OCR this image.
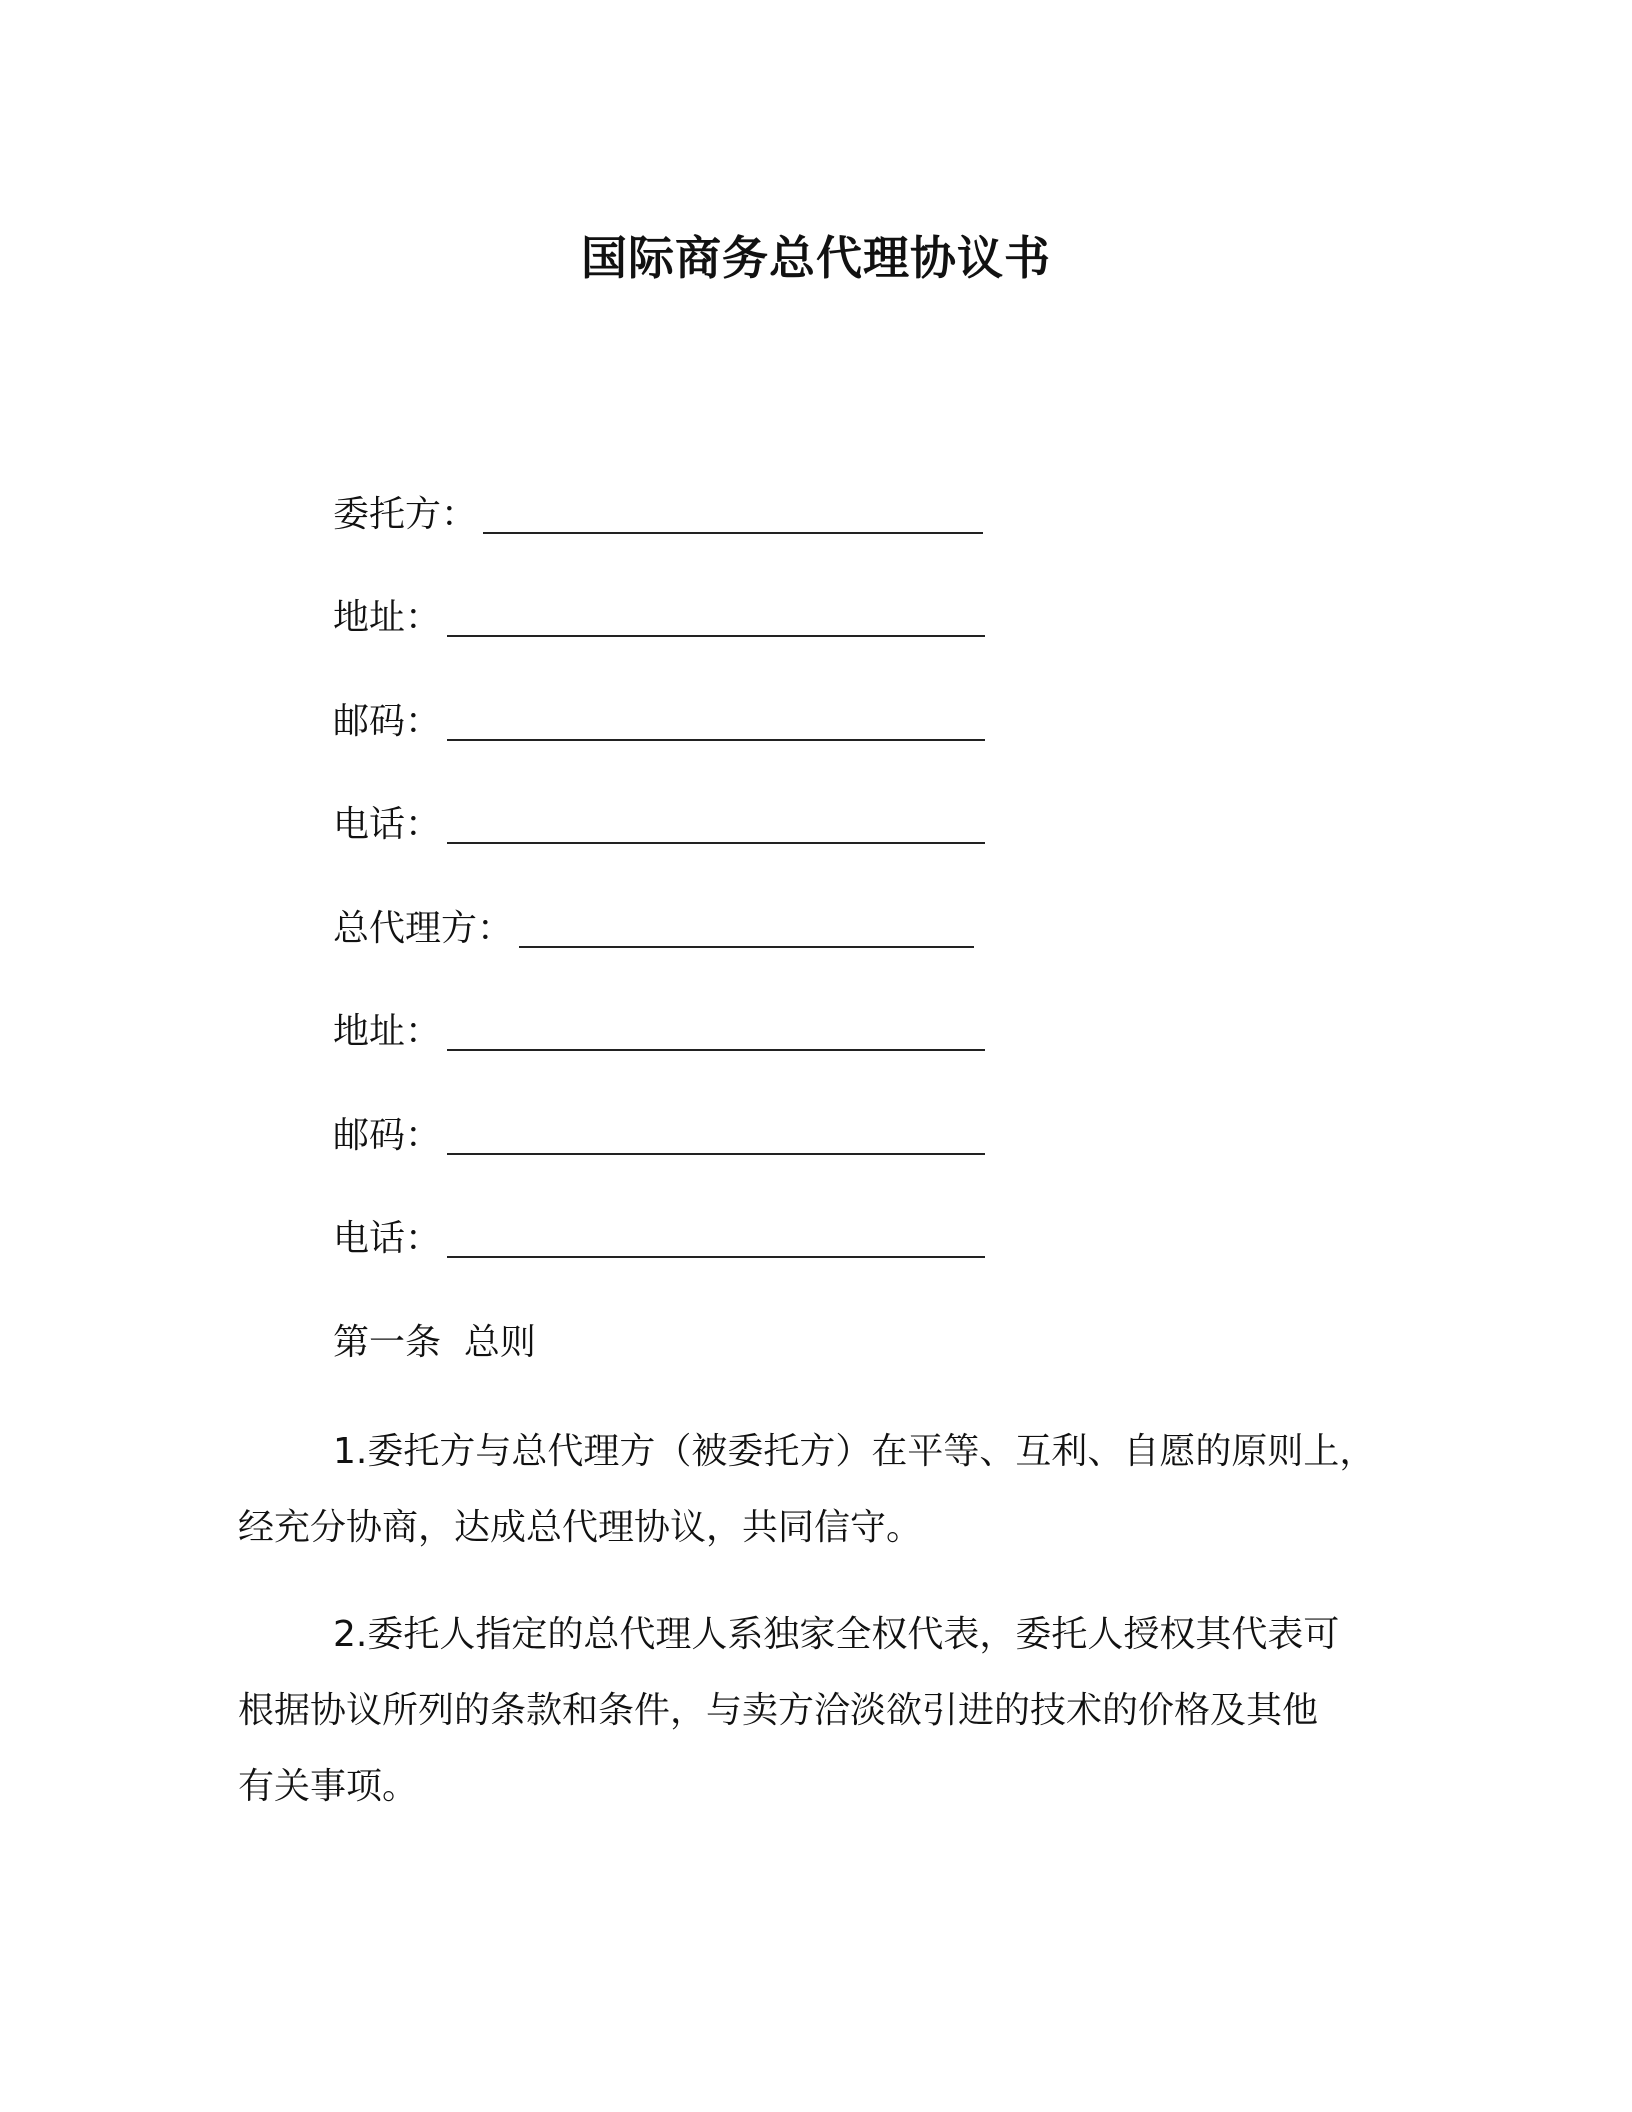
国际商务总代理协议书
委托方：
地址：
邮码：
电话：
总代理方：
地址：
邮码：
电话：
第一条  总则
1.委托方与总代理方（被委托方）在平等、互利、自愿的原则上，
经充分协商，达成总代理协议，共同信守。
2.委托人指定的总代理人系独家全权代表，委托人授权其代表可
根据协议所列的条款和条件，与卖方洽淡欲引进的技术的价格及其他
有关事项。
